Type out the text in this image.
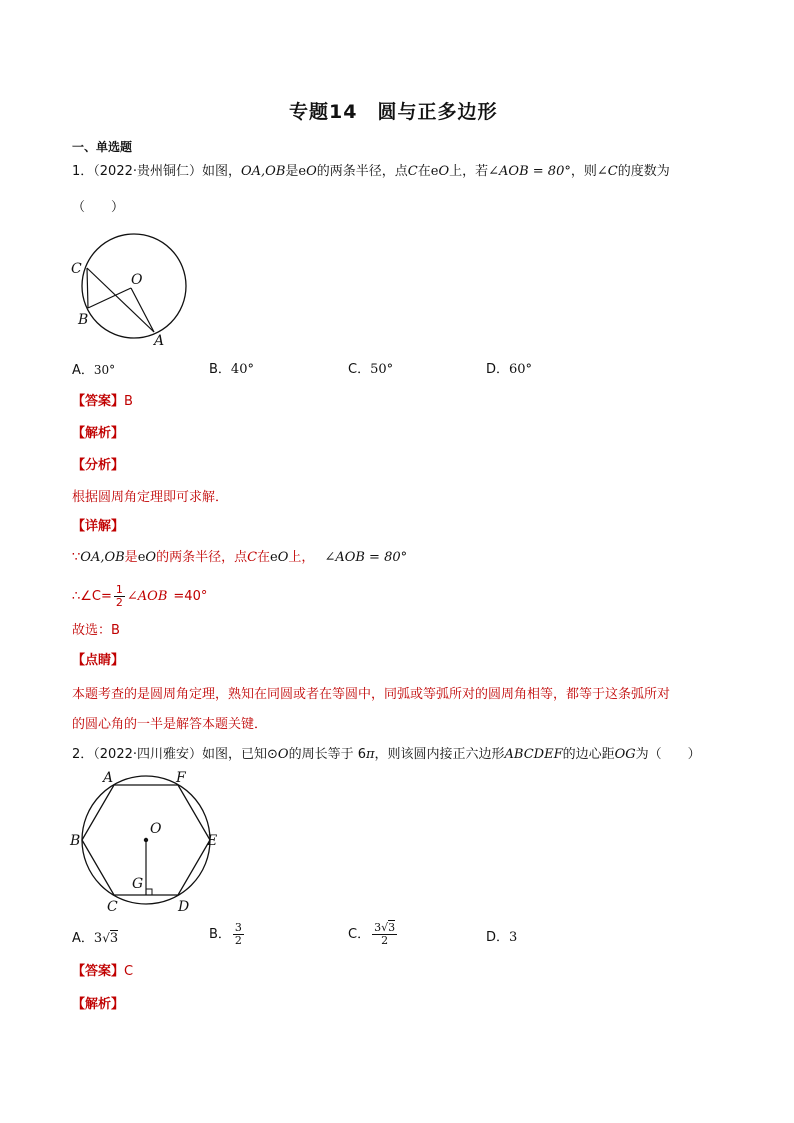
专题14　圆与正多边形
一、单选题
1．（2022·贵州铜仁）如图，OA,OB是eO的两条半径，点C在eO上，若∠AOB = 80°，则∠C的度数为
（　　）
C
O
B
A
A．30°	B．40°	C．50°	D．60°
【答案】B
【解析】
【分析】
根据圆周角定理即可求解．
【详解】
∵OA,OB是eO的两条半径，点C在eO上， ∠AOB = 80°
∴∠C= $\frac{1}{2}$ ∠AOB =40°
故选：B
【点睛】
本题考查的是圆周角定理，熟知在同圆或者在等圆中，同弧或等弧所对的圆周角相等，都等于这条弧所对
的圆心角的一半是解答本题关键．
2．（2022·四川雅安）如图，已知⊙O的周长等于 6π，则该圆内接正六边形ABCDEF的边心距OG为（　　）
A	F
B	E
O
G
C	D
A．3√3	B． $\frac{3}{2}$	C． $\frac{3√3}{2}$	D．3
【答案】C
【解析】
